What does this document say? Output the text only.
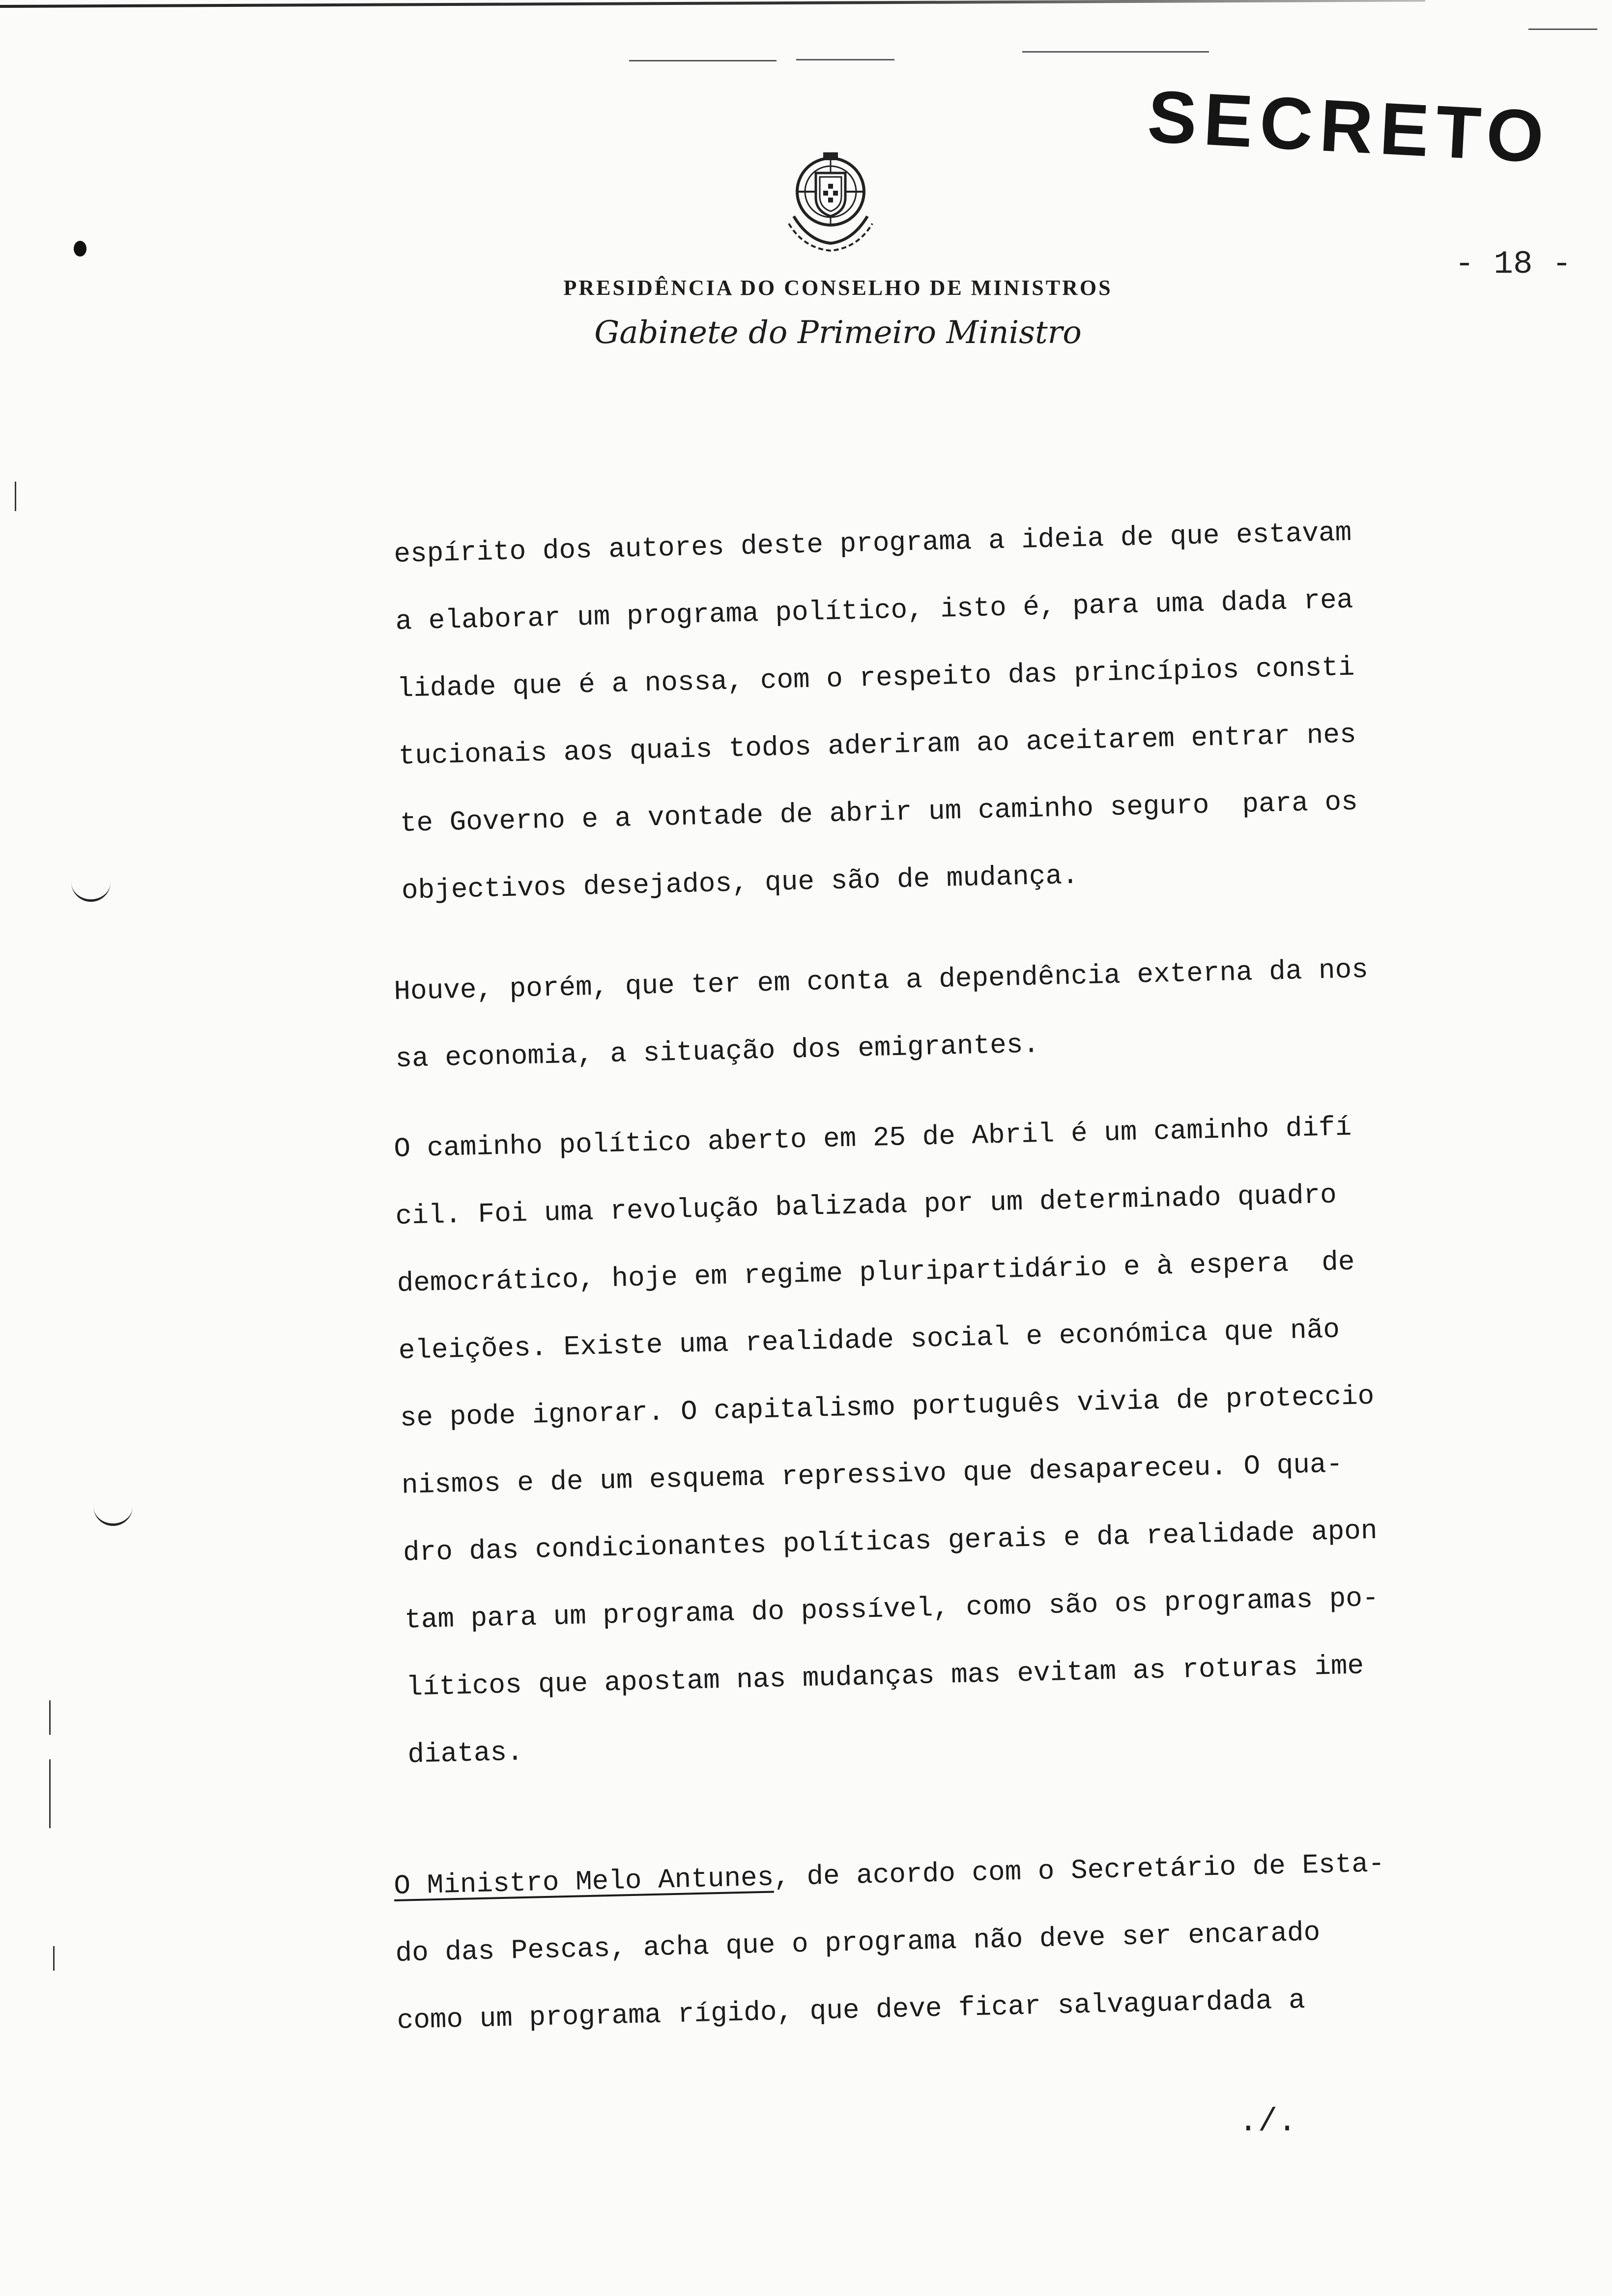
SECRETO
- 18 -
PRESIDÊNCIA DO CONSELHO DE MINISTROS
Gabinete do Primeiro Ministro
espírito dos autores deste programa a ideia de que estavam
a elaborar um programa político, isto é, para uma dada rea
lidade que é a nossa, com o respeito das princípios consti
tucionais aos quais todos aderiram ao aceitarem entrar nes
te Governo e a vontade de abrir um caminho seguro  para os
objectivos desejados, que são de mudança.
Houve, porém, que ter em conta a dependência externa da nos
sa economia, a situação dos emigrantes.
O caminho político aberto em 25 de Abril é um caminho difí
cil. Foi uma revolução balizada por um determinado quadro
democrático, hoje em regime pluripartidário e à espera  de
eleições. Existe uma realidade social e económica que não
se pode ignorar. O capitalismo português vivia de proteccio
nismos e de um esquema repressivo que desapareceu. O qua-
dro das condicionantes políticas gerais e da realidade apon
tam para um programa do possível, como são os programas po-
líticos que apostam nas mudanças mas evitam as roturas ime
diatas.
O Ministro Melo Antunes, de acordo com o Secretário de Esta-
do das Pescas, acha que o programa não deve ser encarado
como um programa rígido, que deve ficar salvaguardada a
./.
